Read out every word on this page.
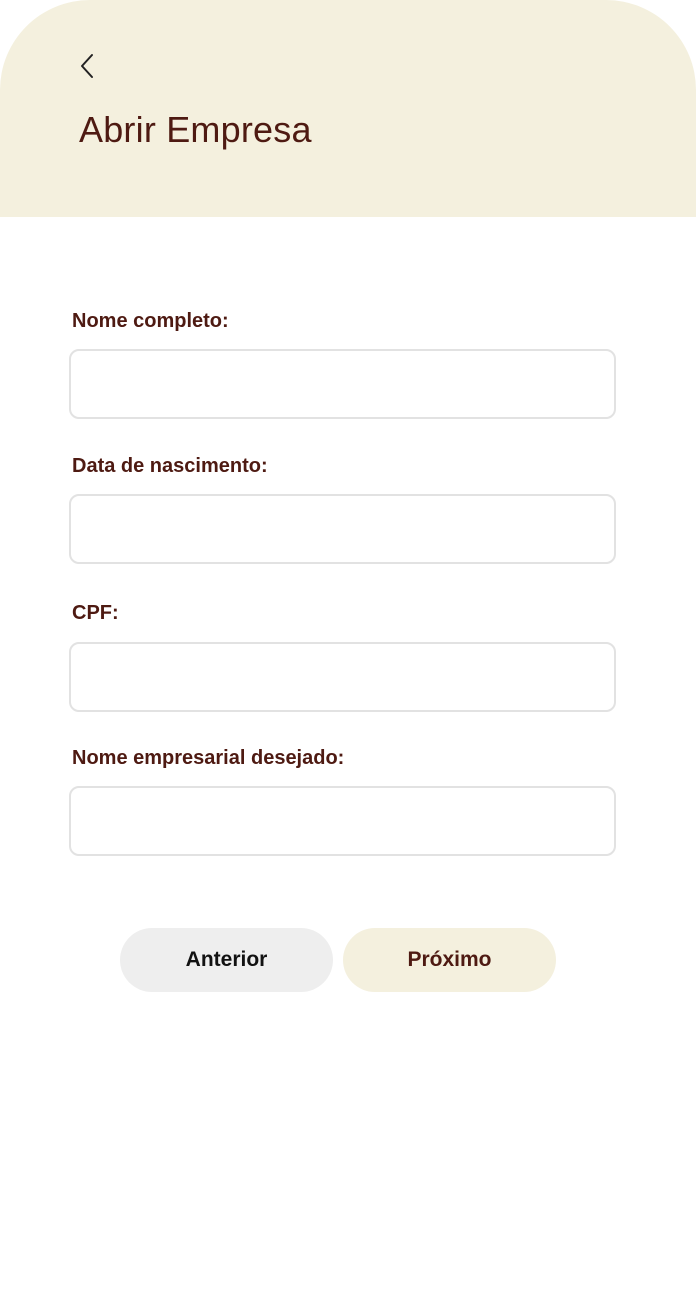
Abrir Empresa
Nome completo:
Data de nascimento:
CPF:
Nome empresarial desejado:
Anterior	Próximo
